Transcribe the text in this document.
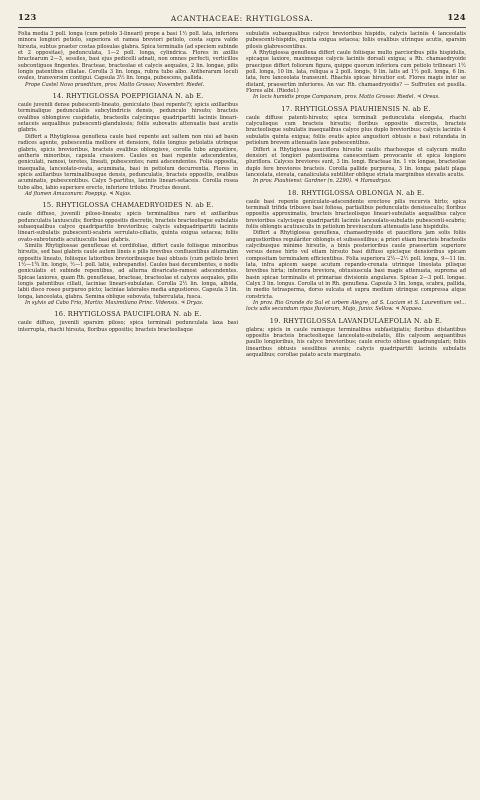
123	ACANTHACEAE: RHYTIGLOSSA.	124

Folia media 3 poll. longa (cum petiolo 3-lineari) prope a basi 1½ poll. lata, inferiora minora longiori petiolo, superiora et ramea breviori petiolo, costa supra valde hirsuta, subtus praeter costas pilosulas glabra. Spica terminalis (ad speciem subinde et 2 oppositae), pedunculata, 1—2 poll. longa, cylindrica. Flores in axillis bractearum 2—3, sessiles, basi ejus pedicelli adnati, non omnes perfecti, verticillos subcontiguos fingentes. Bracteae, bracteolae et calycis aequales, 2 lin. longae, pilis longis patentibus ciliatae. Corolla 3 lin. longa, rubra tubo albo. Antherarum loculi ovales, transversim contigui. Capsula 3½ lin. longa, pubescens, pallida.

Prope Castel Novo praeditum, prov. Matto Grosso; Novembri: Riedel.

14. RHYTIGLOSSA POEPPIGIANA N. ab E.

caule juvenili dense pubescenti-lineato, geniculato (basi repente?); spicis axillaribus terminalique pedunculatis subcylindricis densis, pedunculo hirsuto; bracteis ovalibus oblongisve cuspidatis, bracteolis calycinque quadripartiti laciniis lineari-setaceis aequalibus pubescenti-glandulosis; foliis subovatis attenuatis basi acutis glabris.

Differt a Rhytiglossa genuflexa caule basi repente aut saltem non nisi ad basin radices agente, pubescentia molliore et densiore, foliis longius petiolatis utrinque glabris, spicis brevioribus, bracteis ovalibus oblongisve, corolla tubo angustiore, antheris minoribus, capsula crassiore. Caules ex basi repente adscendentes, geniculati, ramosi, teretes, lineati, pubescentes; rami adscendentes. Folia opposita, inaequalia, lanceolato-ovata, acuminata, basi in petiolum decurrentia. Flores in spicis axillaribus terminalibusque densis, pedunculatis, bracteis oppositis, ovalibus acuminatis, pubescentibus. Calyx 5-partitus, laciniis lineari-setaceis. Corolla rosea tubo albo, labio superiore erecto, inferiore trilobo. Fructus desunt.

Ad flumen Amazonum: Poeppig. ♃ Najas.

15. RHYTIGLOSSA CHAMAEDRYOIDES N. ab E.

caule diffuso, juvenili piloso-lineato; spicis terminalibus raro et axillaribus pedunculatis laxiusculis; floribus oppositis discretis, bracteis bracteolisque subulatis subaequalibus calyce quadripartito brevioribus; calycis subquadripartiti laciniis lineari-subulatis pubescenti-scabris serrulato-ciliatis, quinta exigua setacea; foliis ovato-subrotundis acutiusculis basi glabris.

Similis Rhytiglossae genuflexae et cordifoliae, differt caule foliisque minoribus hirsutis, sed basi glabris caule autem lineis e pilis brevibus confluentibus alternatim oppositis lineato, foliisque latioribus brevioribusque basi obtusis (cum petiolo brevi 1½—1¾ lin. longis, ½—1 poll. latis, subrepandis). Caules basi decumbentes, e nodis geniculatis et subinde repentibus, ad alterna divaricato-ramosi adscendentes. Spicae laxiores, quam Rh. genuflexae, bracteae, bracteolae et calyces aequales, pilis longis patentibus ciliati, laciniae lineari-subulatae. Corolla 2½ lin. longa, albida, labii disco roseo purpureo picto; laciniae laterales media angustiores. Capsula 3 lin. longa, lanceolata, glabra. Semina oblique subovata, tuberculata, fusca.

In sylvis ad Cabo Frio, Martio: Maximiliano Princ. Vidensis. ♃ Dryas.

16. RHYTIGLOSSA PAUCIFLORA N. ab E.

caule diffuso, juvenili sparsim piloso; spica terminali pedunculata laxa basi interrupta, rhachi hirsuta, floribus oppositis; bracteis bracteolisque

subulatis subaequalibus calyce brevioribus hispidis, calycis laciniis 4 lanceolatis pubescenti-hispidis, quinta exigua setacea; foliis ovalibus utrinque acutis, sparsim pilosis glabrescentibus.

A Rhytiglossa genuflexa differt caule foliisque multo parcioribus pilis hispidulis, spicaque laxiore, maximeque calycis laciniis dorsali exigua; a Rh. chamaedryoide praecipue differt foliorum figura, quippe quorum inferiora cum petiolo trilineari 1½ poll. longa, 10 lin. lata, reliqua a 2 poll. longis, 9 lin. latis ad 1½ poll. longa, 6 lin. lata, fere lanceolata transeunt. Rhachis spicae hirsutior est. Flores magis inter se distant, praesertim inferiores. An var. Rh. chamaedryoidis? — Suffrutex est pusilla. Flores albi. (Riedel.)

In locis humidis prope Campanam, prov. Matto Grosso: Riedel. ♃ Oreas.

17. RHYTIGLOSSA PIAUHIENSIS N. ab E.

caule diffuse patenti-hirsuto; spica terminali pedunculata elongata, rhachi calyculisque cum bracteis hirsutis; floribus oppositis discretis, bracteis bracteolisque subulatis inaequalibus calyce plus duplo brevioribus; calycis laciniis 4 subulatis quinta exigua; foliis ovatis apice angustiori obtusis e basi rotundata in petiolum brevem attenuatis laxe pubescentibus.

Differt a Rhytiglossa pauciflora hirsutie caulis rhachosque et calycum multo densiori et longiori patentissima canescentiam provocante et spica longiore pluriflora. Calyces breviores sunt, 3 lin. longi. Bracteae lin. 1 vix longae, bracteolae duplo fere breviores bracteis. Corolla pallide purpurea, 3 lin. longa; palati plaga lanceolata, elevata, canaliculata subtiliter oblique striata marginibus elevatis acutis.

In prov. Piauhiensi: Gardner (n. 2290). ♃ Hamadryas.

18. RHYTIGLOSSA OBLONGA N. ab E.

caule basi repente geniculato-adscendente erectove pilis recurvis hirto; spica terminali trifida tribusve basi foliosa, partialibus pedunculatis densiusculis; floribus oppositis approximatis, bracteis bracteolisque lineari-subulatis aequalibus calyce brevioribus calycisque quadripartiti laciniis lanceolato-subulatis pubescenti-scabris; foliis oblongis acutiusculis in petiolum breviusculum attenuatis laxe hispidulis.

Differt a Rhytiglossa genuflexa, chamaedryoide et pauciflora jam solis foliis angustioribus reguláriter oblongis et subsessilibus; a priori etiam bracteis bracteolis calycibusque minime hirsutis, a binis posterioribus caule praesertim superiore versus dense hirto vel etiam hirsuto basi diffuso spicisque densioribus spicam compositam terminalem efficientibus. Folia superiora 2½—2½ poll. longa, 9—11 lin. lata, infra apicem saepe acutum repando-crenata utrinque lineolata pilisque brevibus hirta; inferiora breviora, obtusiuscula basi magis attenuata, suprema ad basin spicae terminalis et primariae divisionis angulares. Spicae 2—3 poll. longae. Calyx 3 lin. longus. Corolla ut in Rh. genuflexa. Capsula 3 lin. longa, scabra, pallida, in medio tetrasperma, dorso sulcata et supra medium utrinque compressa atque constricta.

In prov. Rio Grande do Sul et urbem Alegre, ad S. Luciam et S. Laurentium vel... locis udis secundum ripas fluviorum, Majo, Junio: Sellow. ♃ Napaea.

19. RHYTIGLOSSA LAVANDULAEFOLIA N. ab E.

glabra; spicis in caule ramisque terminalibus subfastigiatis; floribus distantibus oppositis bracteis bracteolisque lanceolato-subulatis, illis calycem aequantibus paullo longioribus, his calyce brevioribus; caule erecto obtuse quadrangulari; foliis linearibus obtusis sessilibus avenis; calycis quadripartiti laciniis subulatis aequalibus; corollae palato acute marginato.
